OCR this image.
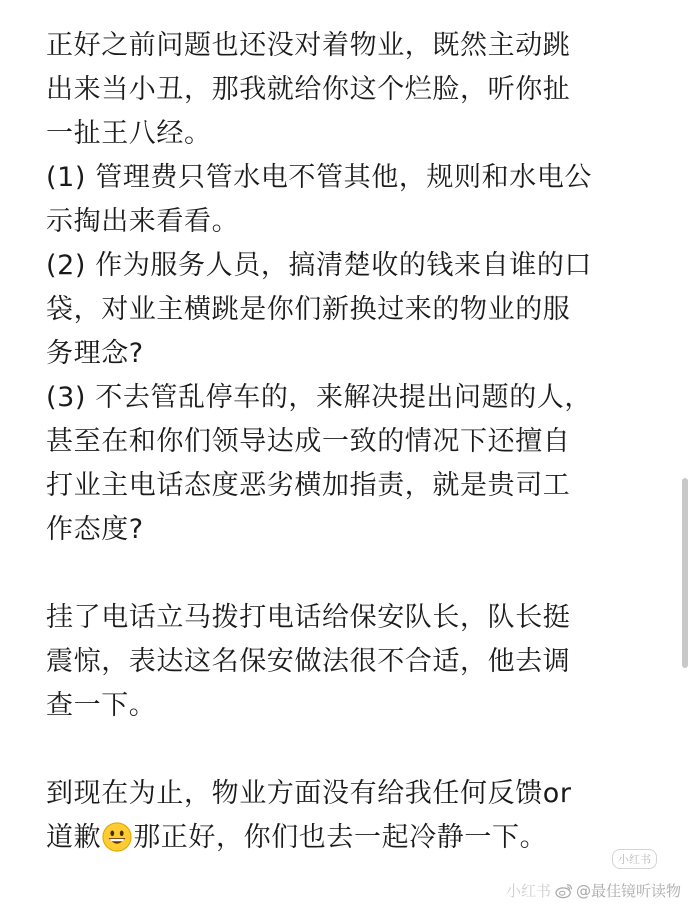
正好之前问题也还没对着物业，既然主动跳
出来当小丑，那我就给你这个烂脸，听你扯
一扯王八经。
(1) 管理费只管水电不管其他，规则和水电公
示掏出来看看。
(2) 作为服务人员，搞清楚收的钱来自谁的口
袋，对业主横跳是你们新换过来的物业的服
务理念?
(3) 不去管乱停车的，来解决提出问题的人，
甚至在和你们领导达成一致的情况下还擅自
打业主电话态度恶劣横加指责，就是贵司工
作态度?
挂了电话立马拨打电话给保安队长，队长挺
震惊，表达这名保安做法很不合适，他去调
查一下。
到现在为止，物业方面没有给我任何反馈or
道歉 那正好，你们也去一起冷静一下。
小红书
小红书 @最佳镜听读物
